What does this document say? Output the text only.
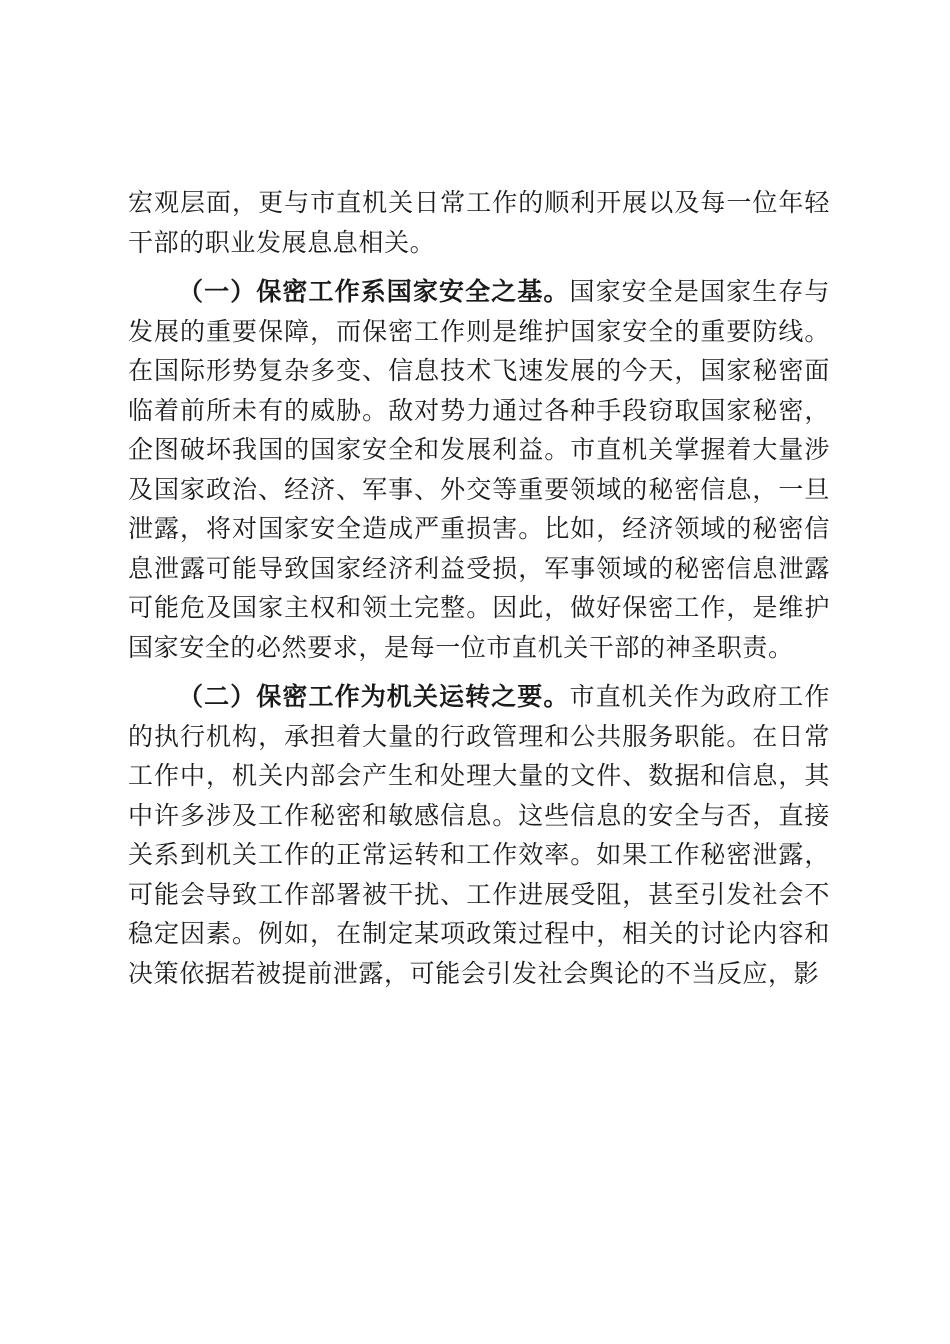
宏观层面，更与市直机关日常工作的顺利开展以及每一位年轻干部的职业发展息息相关。

（一）保密工作系国家安全之基。国家安全是国家生存与发展的重要保障，而保密工作则是维护国家安全的重要防线。在国际形势复杂多变、信息技术飞速发展的今天，国家秘密面临着前所未有的威胁。敌对势力通过各种手段窃取国家秘密，企图破坏我国的国家安全和发展利益。市直机关掌握着大量涉及国家政治、经济、军事、外交等重要领域的秘密信息，一旦泄露，将对国家安全造成严重损害。比如，经济领域的秘密信息泄露可能导致国家经济利益受损，军事领域的秘密信息泄露可能危及国家主权和领土完整。因此，做好保密工作，是维护国家安全的必然要求，是每一位市直机关干部的神圣职责。

（二）保密工作为机关运转之要。市直机关作为政府工作的执行机构，承担着大量的行政管理和公共服务职能。在日常工作中，机关内部会产生和处理大量的文件、数据和信息，其中许多涉及工作秘密和敏感信息。这些信息的安全与否，直接关系到机关工作的正常运转和工作效率。如果工作秘密泄露，可能会导致工作部署被干扰、工作进展受阻，甚至引发社会不稳定因素。例如，在制定某项政策过程中，相关的讨论内容和决策依据若被提前泄露，可能会引发社会舆论的不当反应，影
